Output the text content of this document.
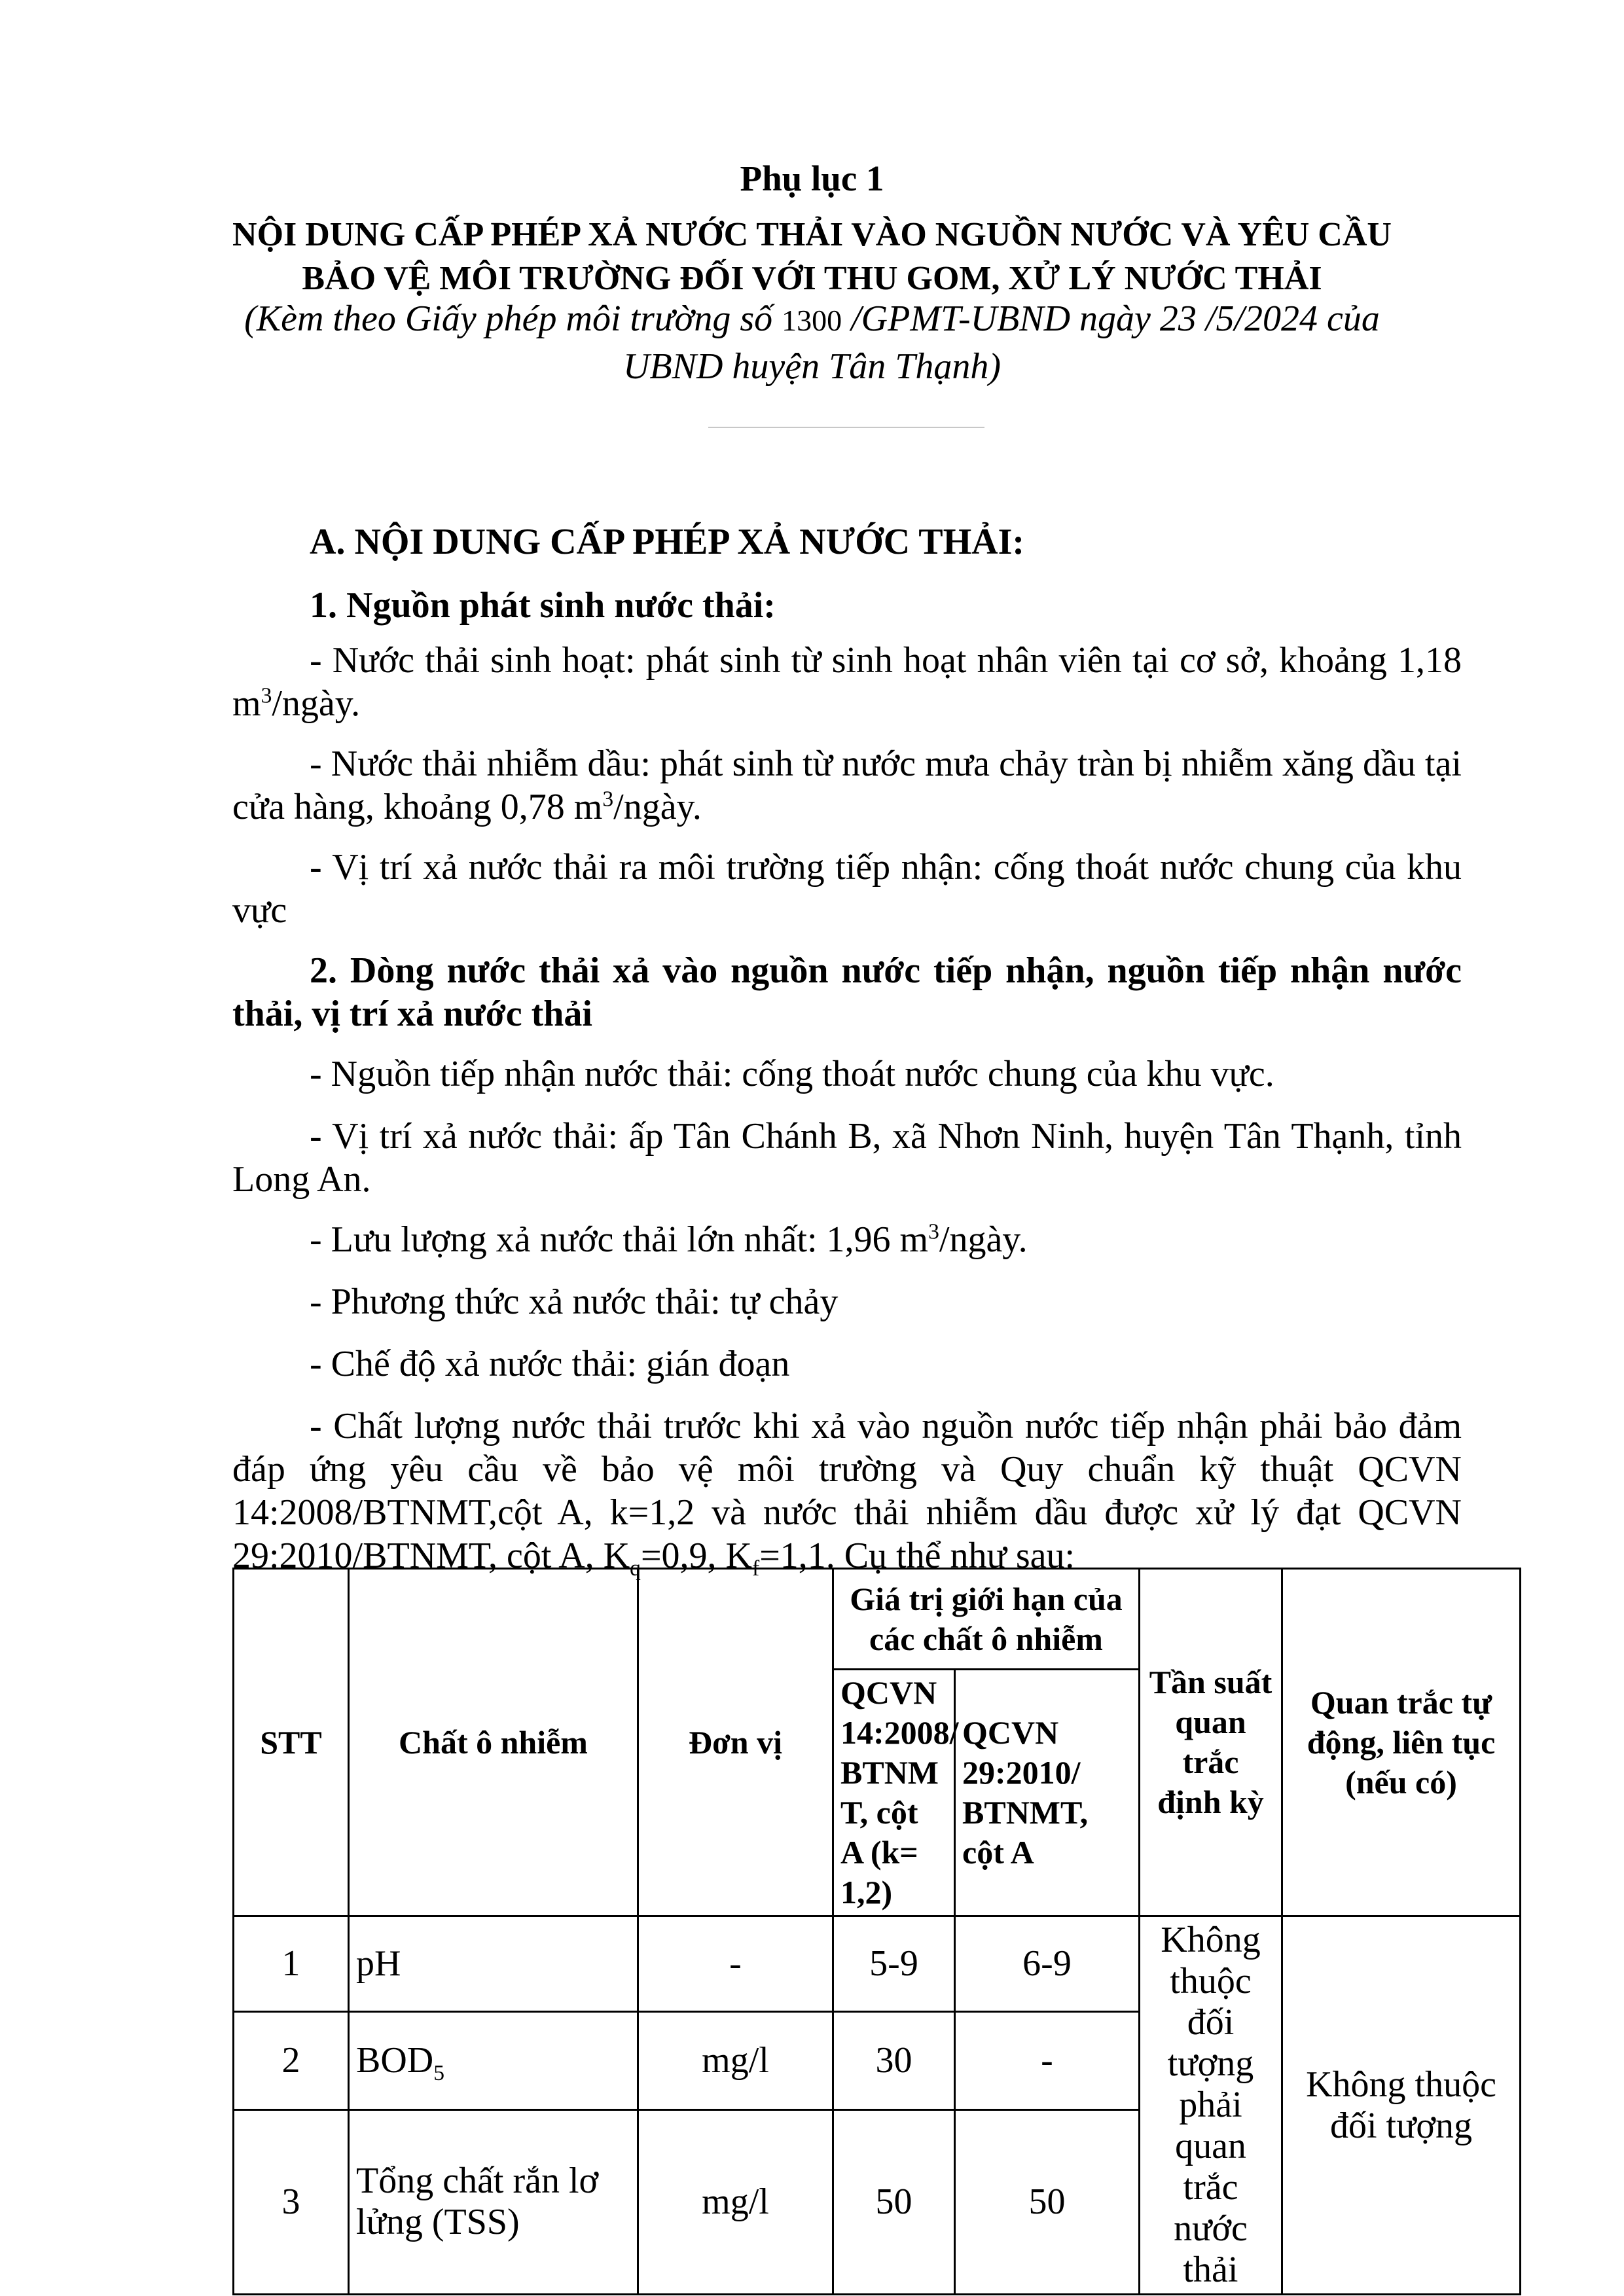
Phụ lục 1
NỘI DUNG CẤP PHÉP XẢ NƯỚC THẢI VÀO NGUỒN NƯỚC VÀ YÊU CẦU
BẢO VỆ MÔI TRƯỜNG ĐỐI VỚI THU GOM, XỬ LÝ NƯỚC THẢI
(Kèm theo Giấy phép môi trường số 1300 /GPMT-UBND ngày 23 /5/2024 của
UBND huyện Tân Thạnh)

A. NỘI DUNG CẤP PHÉP XẢ NƯỚC THẢI:

1. Nguồn phát sinh nước thải:

- Nước thải sinh hoạt: phát sinh từ sinh hoạt nhân viên tại cơ sở, khoảng 1,18 $m^3$/ngày.

- Nước thải nhiễm dầu: phát sinh từ nước mưa chảy tràn bị nhiễm xăng dầu tại cửa hàng, khoảng 0,78 $m^3$/ngày.

- Vị trí xả nước thải ra môi trường tiếp nhận: cống thoát nước chung của khu vực

2. Dòng nước thải xả vào nguồn nước tiếp nhận, nguồn tiếp nhận nước thải, vị trí xả nước thải

- Nguồn tiếp nhận nước thải: cống thoát nước chung của khu vực.

- Vị trí xả nước thải: ấp Tân Chánh B, xã Nhơn Ninh, huyện Tân Thạnh, tỉnh Long An.

- Lưu lượng xả nước thải lớn nhất: 1,96 $m^3$/ngày.

- Phương thức xả nước thải: tự chảy

- Chế độ xả nước thải: gián đoạn

- Chất lượng nước thải trước khi xả vào nguồn nước tiếp nhận phải bảo đảm đáp ứng yêu cầu về bảo vệ môi trường và Quy chuẩn kỹ thuật QCVN 14:2008/BTNMT,cột A, k=1,2 và nước thải nhiễm dầu được xử lý đạt QCVN 29:2010/BTNMT, cột A, $K_q=0,9$, $K_f=1,1$. Cụ thể như sau:

STT	Chất ô nhiễm	Đơn vị	Giá trị giới hạn của các chất ô nhiễm		Tần suất quan trắc định kỳ	Quan trắc tự động, liên tục (nếu có)
			QCVN 14:2008/ BTNM T, cột A (k= 1,2)	QCVN 29:2010/ BTNMT, cột A		
1	pH	-	5-9	6-9	Không thuộc đối tượng phải quan trắc nước thải	Không thuộc đối tượng
2	$BOD_5$	mg/l	30	-		
3	Tổng chất rắn lơ lửng (TSS)	mg/l	50	50		
